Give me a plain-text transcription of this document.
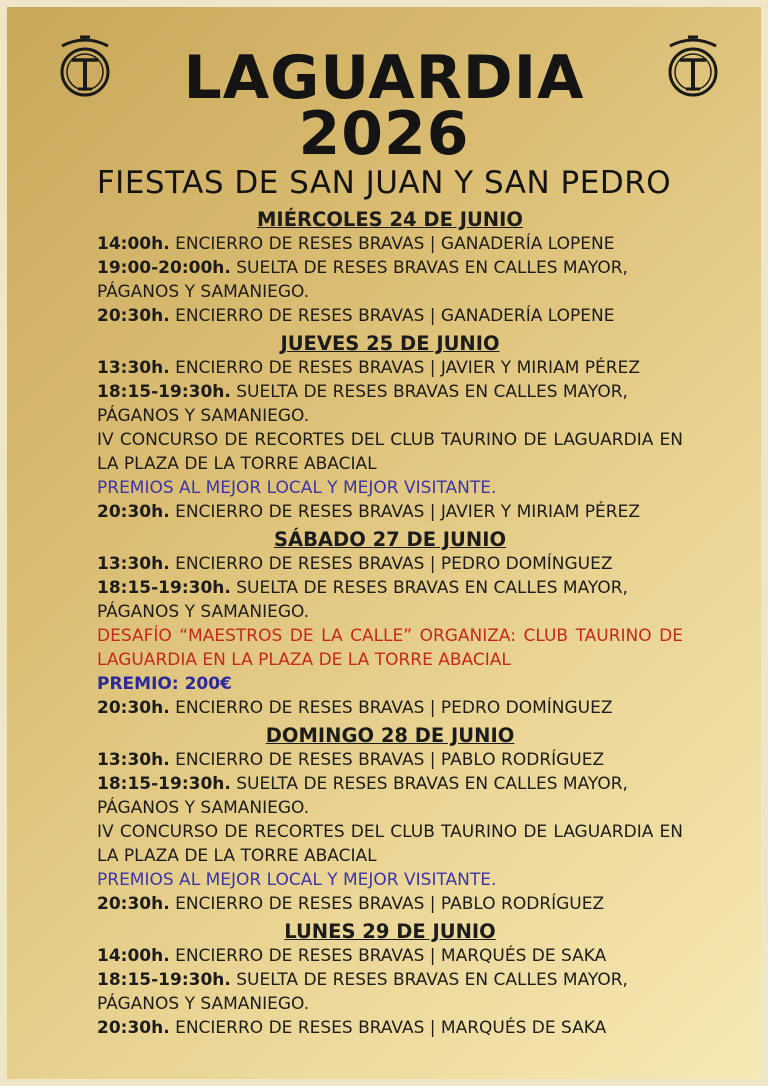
LAGUARDIA
2026
FIESTAS DE SAN JUAN Y SAN PEDRO
MIÉRCOLES 24 DE JUNIO
14:00h. ENCIERRO DE RESES BRAVAS | GANADERÍA LOPENE
19:00-20:00h. SUELTA DE RESES BRAVAS EN CALLES MAYOR,
PÁGANOS Y SAMANIEGO.
20:30h. ENCIERRO DE RESES BRAVAS | GANADERÍA LOPENE
JUEVES 25 DE JUNIO
13:30h. ENCIERRO DE RESES BRAVAS | JAVIER Y MIRIAM PÉREZ
18:15-19:30h. SUELTA DE RESES BRAVAS EN CALLES MAYOR,
PÁGANOS Y SAMANIEGO.
IV CONCURSO DE RECORTES DEL CLUB TAURINO DE LAGUARDIA EN LA PLAZA DE LA TORRE ABACIAL
PREMIOS AL MEJOR LOCAL Y MEJOR VISITANTE.
20:30h. ENCIERRO DE RESES BRAVAS | JAVIER Y MIRIAM PÉREZ
SÁBADO 27 DE JUNIO
13:30h. ENCIERRO DE RESES BRAVAS | PEDRO DOMÍNGUEZ
18:15-19:30h. SUELTA DE RESES BRAVAS EN CALLES MAYOR,
PÁGANOS Y SAMANIEGO.
DESAFÍO “MAESTROS DE LA CALLE” ORGANIZA: CLUB TAURINO DE LAGUARDIA EN LA PLAZA DE LA TORRE ABACIAL
PREMIO: 200€
20:30h. ENCIERRO DE RESES BRAVAS | PEDRO DOMÍNGUEZ
DOMINGO 28 DE JUNIO
13:30h. ENCIERRO DE RESES BRAVAS | PABLO RODRÍGUEZ
18:15-19:30h. SUELTA DE RESES BRAVAS EN CALLES MAYOR,
PÁGANOS Y SAMANIEGO.
IV CONCURSO DE RECORTES DEL CLUB TAURINO DE LAGUARDIA EN LA PLAZA DE LA TORRE ABACIAL
PREMIOS AL MEJOR LOCAL Y MEJOR VISITANTE.
20:30h. ENCIERRO DE RESES BRAVAS | PABLO RODRÍGUEZ
LUNES 29 DE JUNIO
14:00h. ENCIERRO DE RESES BRAVAS | MARQUÉS DE SAKA
18:15-19:30h. SUELTA DE RESES BRAVAS EN CALLES MAYOR,
PÁGANOS Y SAMANIEGO.
20:30h. ENCIERRO DE RESES BRAVAS | MARQUÉS DE SAKA
